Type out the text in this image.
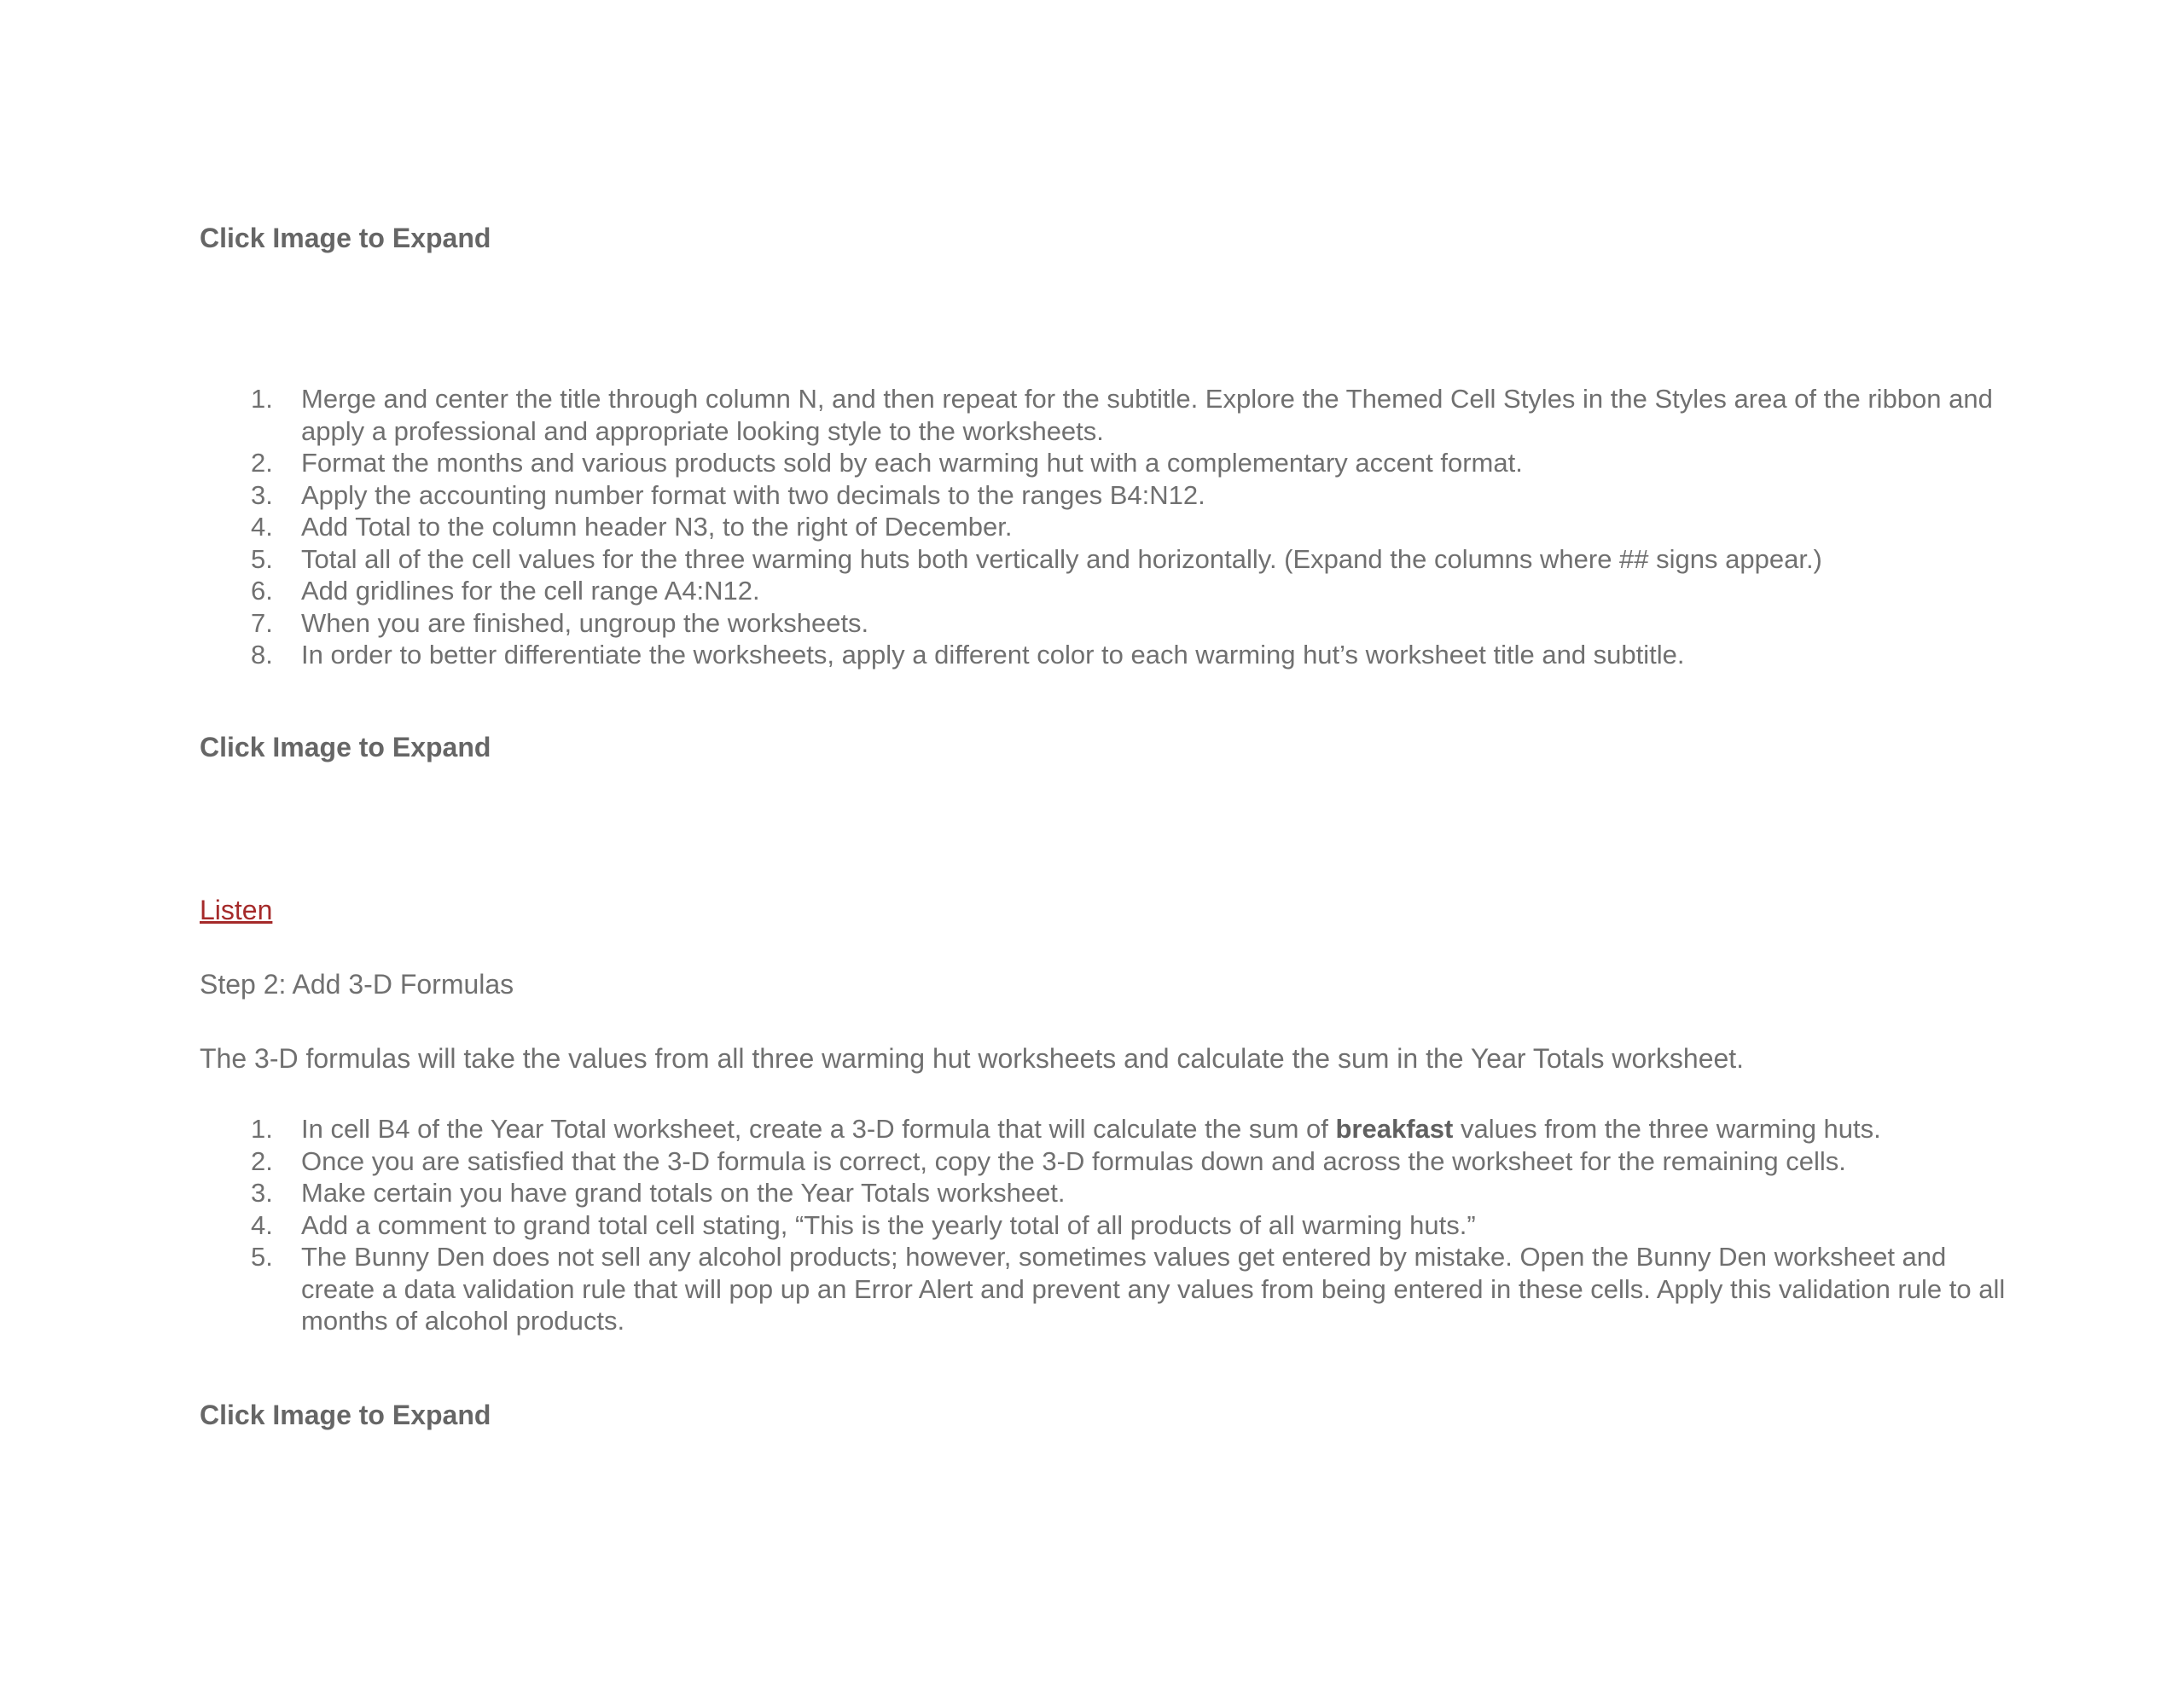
Click Image to Expand
1. Merge and center the title through column N, and then repeat for the subtitle. Explore the Themed Cell Styles in the Styles area of the ribbon and apply a professional and appropriate looking style to the worksheets.
2. Format the months and various products sold by each warming hut with a complementary accent format.
3. Apply the accounting number format with two decimals to the ranges B4:N12.
4. Add Total to the column header N3, to the right of December.
5. Total all of the cell values for the three warming huts both vertically and horizontally. (Expand the columns where ## signs appear.)
6. Add gridlines for the cell range A4:N12.
7. When you are finished, ungroup the worksheets.
8. In order to better differentiate the worksheets, apply a different color to each warming hut’s worksheet title and subtitle.
Click Image to Expand
Listen
Step 2: Add 3-D Formulas
The 3-D formulas will take the values from all three warming hut worksheets and calculate the sum in the Year Totals worksheet.
1. In cell B4 of the Year Total worksheet, create a 3-D formula that will calculate the sum of breakfast values from the three warming huts.
2. Once you are satisfied that the 3-D formula is correct, copy the 3-D formulas down and across the worksheet for the remaining cells.
3. Make certain you have grand totals on the Year Totals worksheet.
4. Add a comment to grand total cell stating, “This is the yearly total of all products of all warming huts.”
5. The Bunny Den does not sell any alcohol products; however, sometimes values get entered by mistake. Open the Bunny Den worksheet and create a data validation rule that will pop up an Error Alert and prevent any values from being entered in these cells. Apply this validation rule to all months of alcohol products.
Click Image to Expand
